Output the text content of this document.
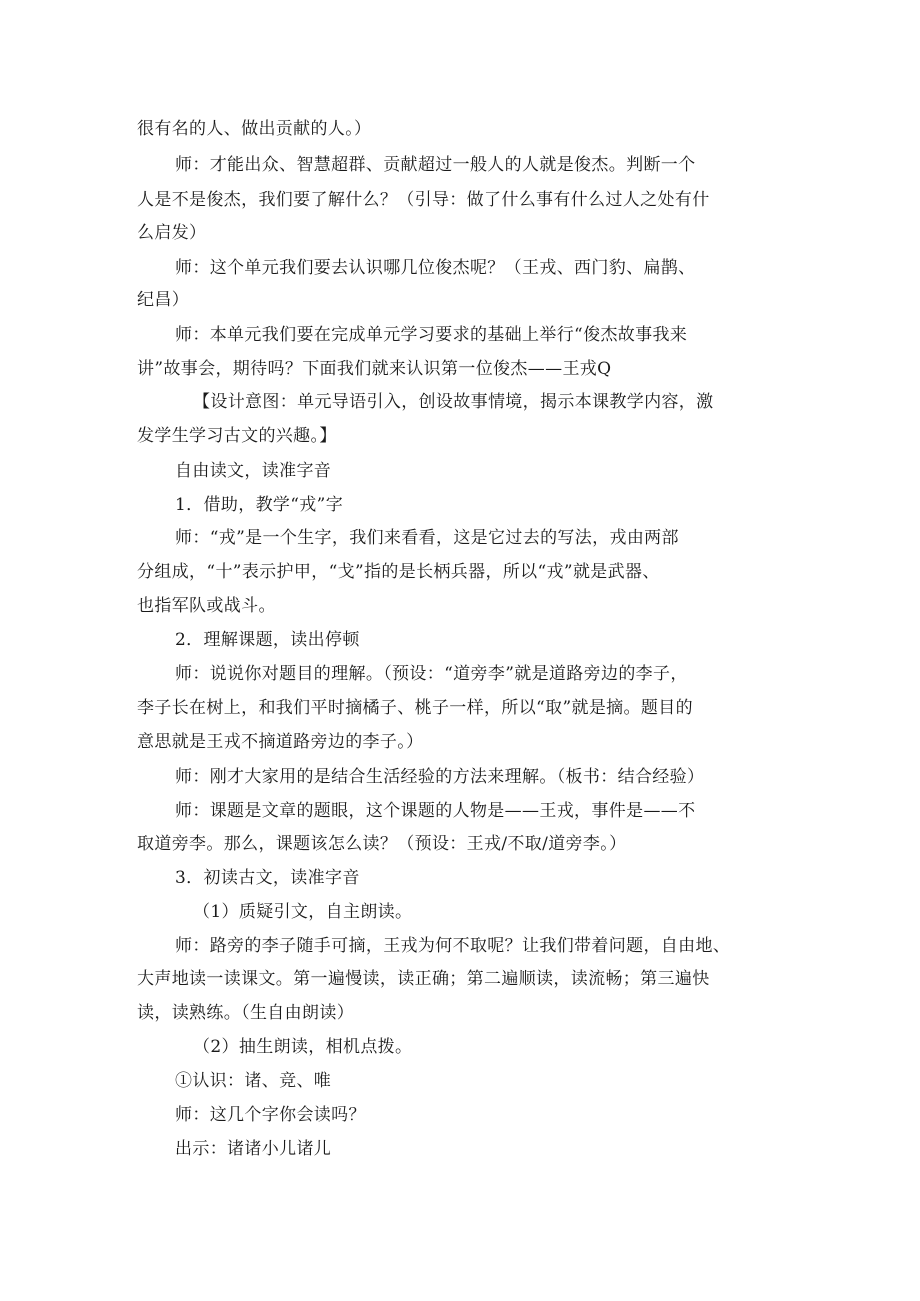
很有名的人、做出贡献的人。）
师：才能出众、智慧超群、贡献超过一般人的人就是俊杰。判断一个
人是不是俊杰，我们要了解什么？（引导：做了什么事有什么过人之处有什
么启发）
师：这个单元我们要去认识哪几位俊杰呢？（王戎、西门豹、扁鹊、
纪昌）
师：本单元我们要在完成单元学习要求的基础上举行“俊杰故事我来
讲”故事会，期待吗？下面我们就来认识第一位俊杰——王戎Q
【设计意图：单元导语引入，创设故事情境，揭示本课教学内容，激
发学生学习古文的兴趣。】
自由读文，读准字音
1．借助，教学“戎”字
师：“戎”是一个生字，我们来看看，这是它过去的写法，戎由两部
分组成，“十”表示护甲，“戈”指的是长柄兵器，所以“戎”就是武器、
也指军队或战斗。
2．理解课题，读出停顿
师：说说你对题目的理解。（预设：“道旁李”就是道路旁边的李子，
李子长在树上，和我们平时摘橘子、桃子一样，所以“取”就是摘。题目的
意思就是王戎不摘道路旁边的李子。）
师：刚才大家用的是结合生活经验的方法来理解。（板书：结合经验）
师：课题是文章的题眼，这个课题的人物是——王戎，事件是——不
取道旁李。那么，课题该怎么读？（预设：王戎/不取/道旁李。）
3．初读古文，读准字音
（1）质疑引文，自主朗读。
师：路旁的李子随手可摘，王戎为何不取呢？让我们带着问题，自由地、
大声地读一读课文。第一遍慢读，读正确；第二遍顺读，读流畅；第三遍快
读，读熟练。（生自由朗读）
（2）抽生朗读，相机点拨。
①认识：诸、竞、唯
师：这几个字你会读吗？
出示：诸诸小儿诸儿
